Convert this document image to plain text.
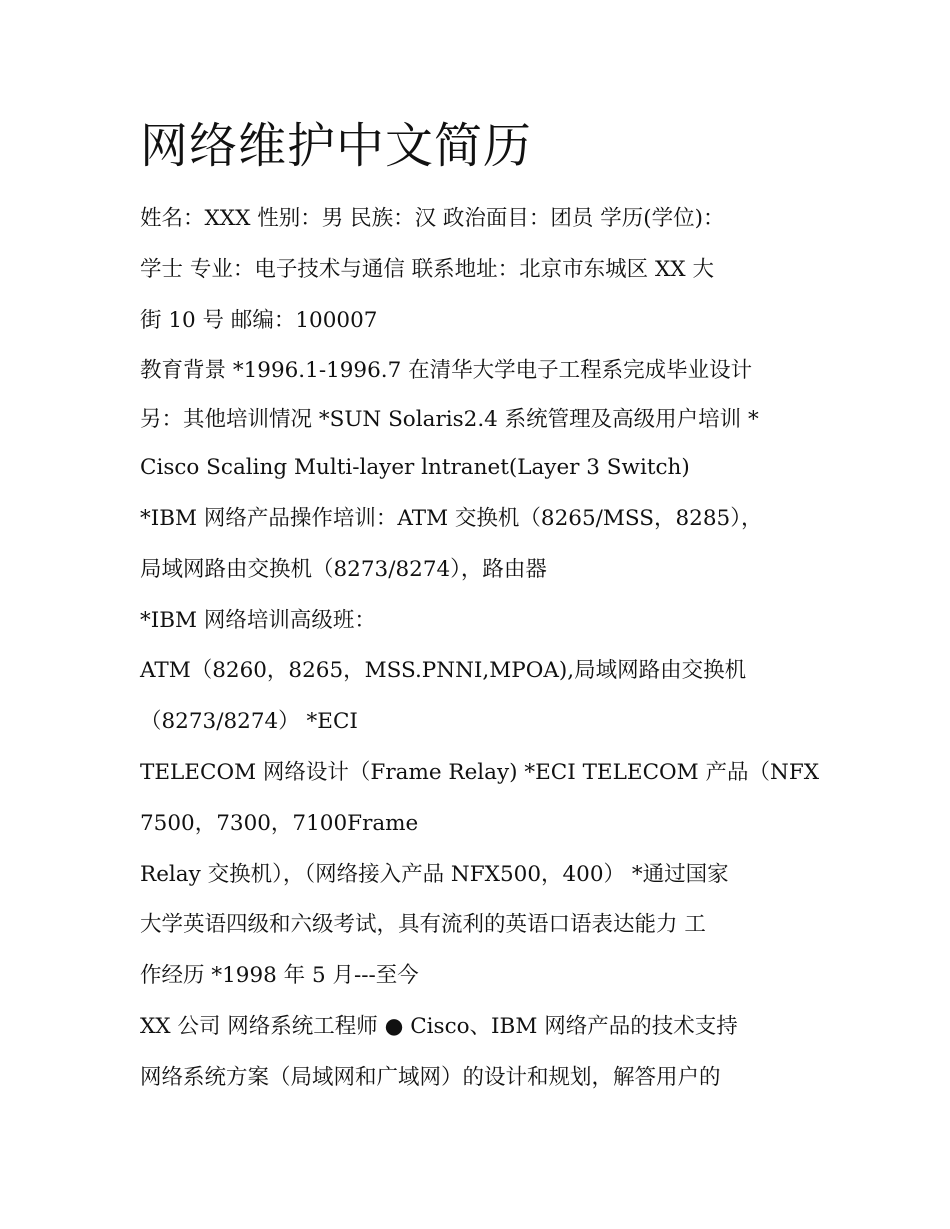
网络维护中文简历
姓名：XXX 性别：男 民族：汉 政治面目：团员 学历(学位)：
学士 专业：电子技术与通信 联系地址：北京市东城区 XX 大
街 10 号 邮编：100007
教育背景 *1996.1-1996.7 在清华大学电子工程系完成毕业设计
另：其他培训情况 *SUN Solaris2.4 系统管理及高级用户培训 *
Cisco Scaling Multi-layer lntranet(Layer 3 Switch)
*IBM 网络产品操作培训：ATM 交换机（8265/MSS，8285），
局域网路由交换机（8273/8274），路由器
*IBM 网络培训高级班：
ATM（8260，8265，MSS.PNNI,MPOA),局域网路由交换机
（8273/8274） *ECI
TELECOM 网络设计（Frame Relay) *ECI TELECOM 产品（NFX
7500，7300，7100Frame
Relay 交换机），（网络接入产品 NFX500，400） *通过国家
大学英语四级和六级考试，具有流利的英语口语表达能力 工
作经历 *1998 年 5 月---至今
XX 公司 网络系统工程师 ● Cisco、IBM 网络产品的技术支持
网络系统方案（局域网和广域网）的设计和规划，解答用户的
